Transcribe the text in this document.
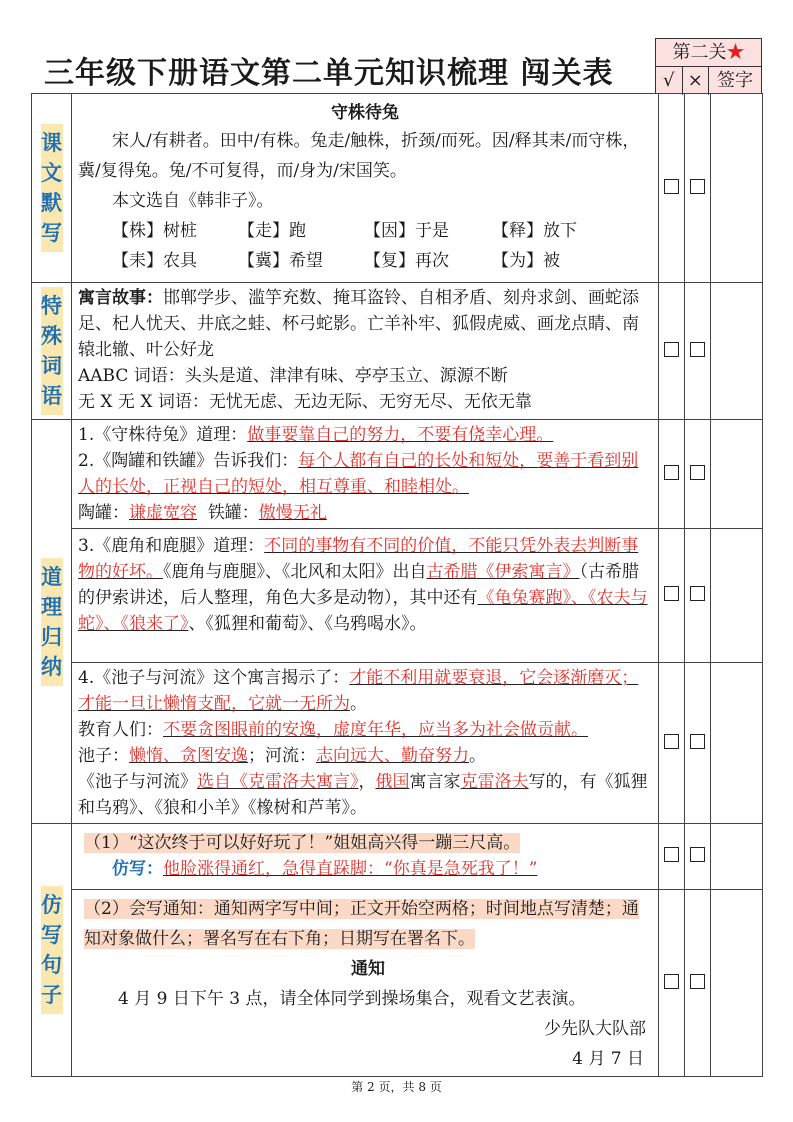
三年级下册语文第二单元知识梳理 闯关表
第二关★
√ × 签字
课文默写	守株待兔
宋人/有耕者。田中/有株。兔走/触株，折颈/而死。因/释其耒/而守株，冀/复得兔。兔/不可复得，而/身为/宋国笑。
本文选自《韩非子》。
【株】树桩 【走】跑 【因】于是 【释】放下
【耒】农具 【冀】希望 【复】再次 【为】被			

特殊词语	寓言故事：邯郸学步、滥竽充数、掩耳盗铃、自相矛盾、刻舟求剑、画蛇添足、杞人忧天、井底之蛙、杯弓蛇影。亡羊补牢、狐假虎威、画龙点睛、南辕北辙、叶公好龙
AABC 词语：头头是道、津津有味、亭亭玉立、源源不断
无 X 无 X 词语：无忧无虑、无边无际、无穷无尽、无依无靠			

道理归纳	1.《守株待兔》道理：做事要靠自己的努力，不要有侥幸心理。
2.《陶罐和铁罐》告诉我们：每个人都有自己的长处和短处，要善于看到别人的长处，正视自己的短处，相互尊重、和睦相处。
陶罐：谦虚宽容 铁罐：傲慢无礼			

	3.《鹿角和鹿腿》道理：不同的事物有不同的价值，不能只凭外表去判断事物的好坏。《鹿角与鹿腿》、《北风和太阳》出自古希腊《伊索寓言》（古希腊的伊索讲述，后人整理，角色大多是动物），其中还有《龟兔赛跑》、《农夫与蛇》、《狼来了》、《狐狸和葡萄》、《乌鸦喝水》。			

	4.《池子与河流》这个寓言揭示了：才能不利用就要衰退，它会逐渐磨灭；才能一旦让懒惰支配，它就一无所为。
教育人们：不要贪图眼前的安逸，虚度年华，应当多为社会做贡献。
池子：懒惰、贪图安逸；河流：志向远大、勤奋努力。
《池子与河流》选自《克雷洛夫寓言》，俄国寓言家克雷洛夫写的，有《狐狸和乌鸦》、《狼和小羊》《橡树和芦苇》。			

仿写句子	（1）“这次终于可以好好玩了！”姐姐高兴得一蹦三尺高。
仿写：他脸涨得通红，急得直跺脚：“你真是急死我了！”			

	（2）会写通知：通知两字写中间；正文开始空两格；时间地点写清楚；通知对象做什么；署名写在右下角；日期写在署名下。
通知
4 月 9 日下午 3 点，请全体同学到操场集合，观看文艺表演。
少先队大队部
4 月 7 日			

第 2 页，共 8 页
